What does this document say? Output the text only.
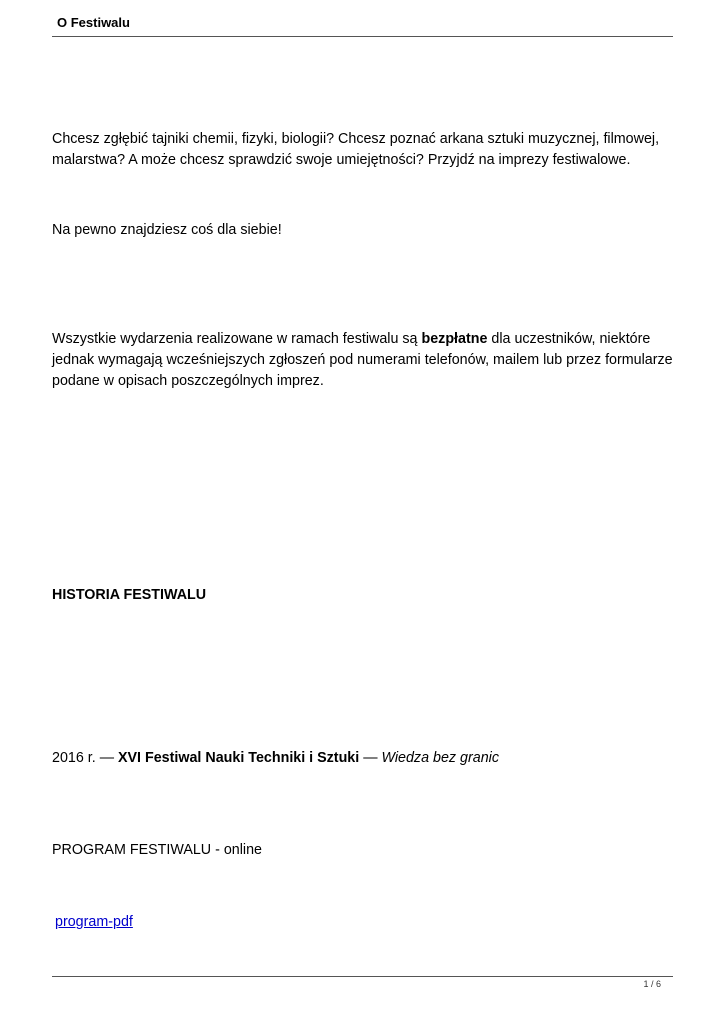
O Festiwalu

Chcesz zgłębić tajniki chemii, fizyki, biologii? Chcesz poznać arkana sztuki muzycznej, filmowej, malarstwa? A może chcesz sprawdzić swoje umiejętności? Przyjdź na imprezy festiwalowe.

Na pewno znajdziesz coś dla siebie!

Wszystkie wydarzenia realizowane w ramach festiwalu są bezpłatne dla uczestników, niektóre jednak wymagają wcześniejszych zgłoszeń pod numerami telefonów, mailem lub przez formularze podane w opisach poszczególnych imprez.

HISTORIA FESTIWALU

2016 r. — XVI Festiwal Nauki Techniki i Sztuki — Wiedza bez granic

PROGRAM FESTIWALU - online

program-pdf
1 / 6
